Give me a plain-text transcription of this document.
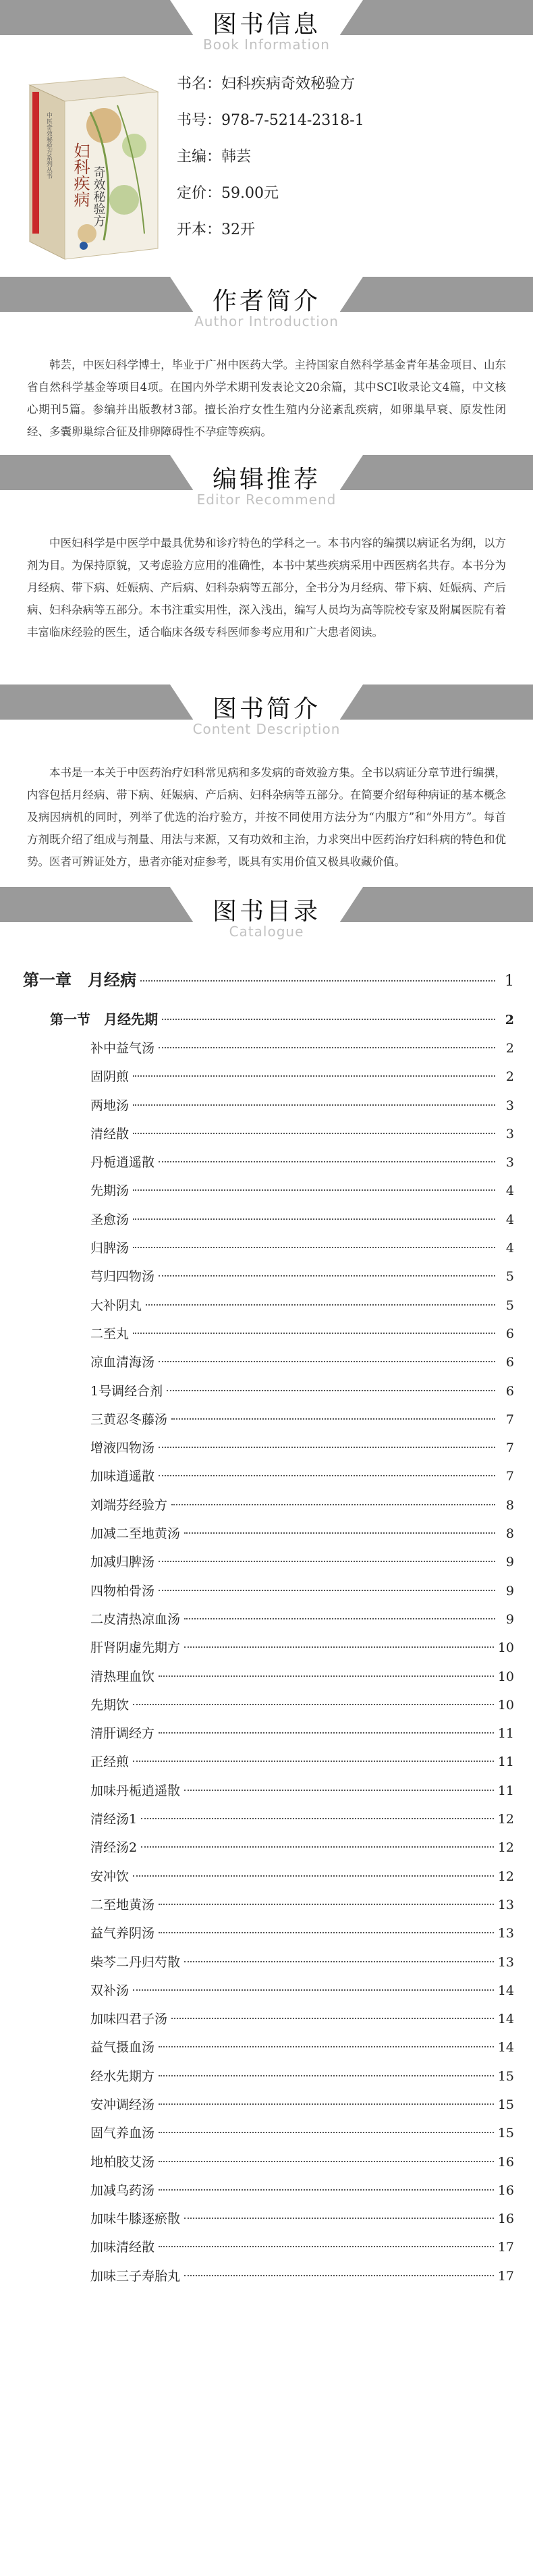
图书信息
Book Information
妇科疾病 奇效秘验方
中医奇效秘验方系列丛书
书名：妇科疾病奇效秘验方
书号：978-7-5214-2318-1
主编：韩芸
定价：59.00元
开本：32开
作者简介
Author Introduction

韩芸，中医妇科学博士，毕业于广州中医药大学。主持国家自然科学基金青年基金项目、山东省自然科学基金等项目4项。在国内外学术期刊发表论文20余篇，其中SCI收录论文4篇，中文核心期刊5篇。参编并出版教材3部。擅长治疗女性生殖内分泌紊乱疾病，如卵巢早衰、原发性闭经、多囊卵巢综合征及排卵障碍性不孕症等疾病。

编辑推荐
Editor Recommend

中医妇科学是中医学中最具优势和诊疗特色的学科之一。本书内容的编撰以病证名为纲，以方剂为目。为保持原貌，又考虑验方应用的准确性，本书中某些疾病采用中西医病名共存。本书分为月经病、带下病、妊娠病、产后病、妇科杂病等五部分，全书分为月经病、带下病、妊娠病、产后病、妇科杂病等五部分。本书注重实用性，深入浅出，编写人员均为高等院校专家及附属医院有着丰富临床经验的医生，适合临床各级专科医师参考应用和广大患者阅读。

图书简介
Content Description

本书是一本关于中医药治疗妇科常见病和多发病的奇效验方集。全书以病证分章节进行编撰，内容包括月经病、带下病、妊娠病、产后病、妇科杂病等五部分。在简要介绍每种病证的基本概念及病因病机的同时，列举了优选的治疗验方，并按不同使用方法分为“内服方”和“外用方”。每首方剂既介绍了组成与剂量、用法与来源，又有功效和主治，力求突出中医药治疗妇科病的特色和优势。医者可辨证处方，患者亦能对症参考，既具有实用价值又极具收藏价值。

图书目录
Catalogue
第一章　月经病	1
第一节　月经先期	2
补中益气汤	2
固阴煎	2
两地汤	3
清经散	3
丹栀逍遥散	3
先期汤	4
圣愈汤	4
归脾汤	4
芎归四物汤	5
大补阴丸	5
二至丸	6
凉血清海汤	6
1号调经合剂	6
三黄忍冬藤汤	7
增液四物汤	7
加味逍遥散	7
刘端芬经验方	8
加减二至地黄汤	8
加减归脾汤	9
四物柏骨汤	9
二皮清热凉血汤	9
肝肾阴虚先期方	10
清热理血饮	10
先期饮	10
清肝调经方	11
正经煎	11
加味丹栀逍遥散	11
清经汤1	12
清经汤2	12
安冲饮	12
二至地黄汤	13
益气养阴汤	13
柴芩二丹归芍散	13
双补汤	14
加味四君子汤	14
益气摄血汤	14
经水先期方	15
安冲调经汤	15
固气养血汤	15
地柏胶艾汤	16
加减乌药汤	16
加味牛膝逐瘀散	16
加味清经散	17
加味三子寿胎丸	17
